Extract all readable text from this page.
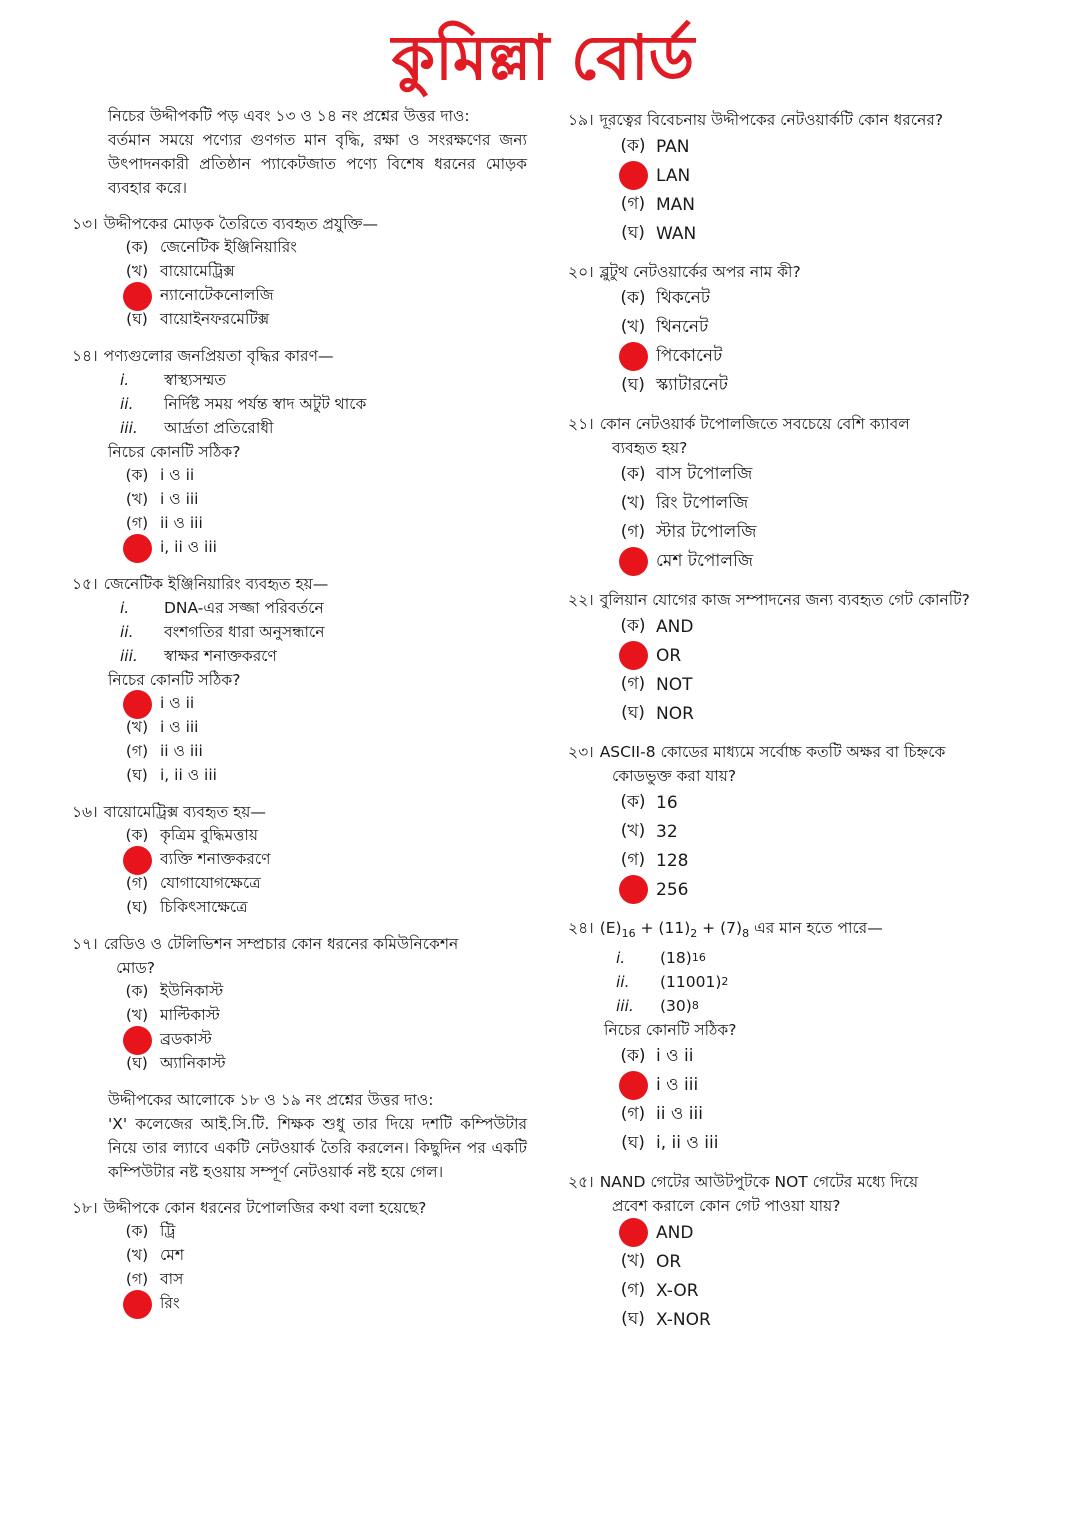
কুমিল্লা বোর্ড

নিচের উদ্দীপকটি পড় এবং ১৩ ও ১৪ নং প্রশ্নের উত্তর দাও:

বর্তমান সময়ে পণ্যের গুণগত মান বৃদ্ধি, রক্ষা ও সংরক্ষণের জন্য উৎপাদনকারী প্রতিষ্ঠান প্যাকেটজাত পণ্যে বিশেষ ধরনের মোড়ক ব্যবহার করে।

১৩। উদ্দীপকের মোড়ক তৈরিতে ব্যবহৃত প্রযুক্তি—
(ক) জেনেটিক ইঞ্জিনিয়ারিং
(খ) বায়োমেট্রিক্স
ন্যানোটেকনোলজি
(ঘ) বায়োইনফরমেটিক্স
১৪। পণ্যগুলোর জনপ্রিয়তা বৃদ্ধির কারণ—
i.	স্বাস্থ্যসম্মত
ii.	নির্দিষ্ট সময় পর্যন্ত স্বাদ অটুট থাকে
iii.	আর্দ্রতা প্রতিরোধী
নিচের কোনটি সঠিক?
(ক) i ও ii
(খ) i ও iii
(গ) ii ও iii
i, ii ও iii
১৫। জেনেটিক ইঞ্জিনিয়ারিং ব্যবহৃত হয়—
i.	DNA-এর সজ্জা পরিবর্তনে
ii.	বংশগতির ধারা অনুসন্ধানে
iii.	স্বাক্ষর শনাক্তকরণে
নিচের কোনটি সঠিক?
i ও ii
(খ) i ও iii
(গ) ii ও iii
(ঘ) i, ii ও iii
১৬। বায়োমেট্রিক্স ব্যবহৃত হয়—
(ক) কৃত্রিম বুদ্ধিমত্তায়
ব্যক্তি শনাক্তকরণে
(গ) যোগাযোগক্ষেত্রে
(ঘ) চিকিৎসাক্ষেত্রে
১৭। রেডিও ও টেলিভিশন সম্প্রচার কোন ধরনের কমিউনিকেশন
মোড?
(ক) ইউনিকাস্ট
(খ) মাল্টিকাস্ট
ব্রডকাস্ট
(ঘ) অ্যানিকাস্ট

উদ্দীপকের আলোকে ১৮ ও ১৯ নং প্রশ্নের উত্তর দাও:

'X' কলেজের আই.সি.টি. শিক্ষক শুধু তার দিয়ে দশটি কম্পিউটার নিয়ে তার ল্যাবে একটি নেটওয়ার্ক তৈরি করলেন। কিছুদিন পর একটি কম্পিউটার নষ্ট হওয়ায় সম্পূর্ণ নেটওয়ার্ক নষ্ট হয়ে গেল।

১৮। উদ্দীপকে কোন ধরনের টপোলজির কথা বলা হয়েছে?
(ক) ট্রি
(খ) মেশ
(গ) বাস
রিং
১৯। দূরত্বের বিবেচনায় উদ্দীপকের নেটওয়ার্কটি কোন ধরনের?
(ক) PAN
LAN
(গ) MAN
(ঘ) WAN
২০। ব্লুটুথ নেটওয়ার্কের অপর নাম কী?
(ক) থিকনেট
(খ) থিননেট
পিকোনেট
(ঘ) স্ক্যাটারনেট
২১। কোন নেটওয়ার্ক টপোলজিতে সবচেয়ে বেশি ক্যাবল
ব্যবহৃত হয়?
(ক) বাস টপোলজি
(খ) রিং টপোলজি
(গ) স্টার টপোলজি
মেশ টপোলজি
২২। বুলিয়ান যোগের কাজ সম্পাদনের জন্য ব্যবহৃত গেট কোনটি?
(ক) AND
OR
(গ) NOT
(ঘ) NOR
২৩। ASCII-8 কোডের মাধ্যমে সর্বোচ্চ কতটি অক্ষর বা চিহ্নকে
কোডভুক্ত করা যায়?
(ক) 16
(খ) 32
(গ) 128
256
২৪। $(E)_{16} + (11)_2 + (7)_8$ এর মান হতে পারে—
i.	(18) 16
ii.	(11001) 2
iii.	(30) 8
নিচের কোনটি সঠিক?
(ক) i ও ii
i ও iii
(গ) ii ও iii
(ঘ) i, ii ও iii
২৫। NAND গেটের আউটপুটকে NOT গেটের মধ্যে দিয়ে
প্রবেশ করালে কোন গেট পাওয়া যায়?
AND
(খ) OR
(গ) X-OR
(ঘ) X-NOR
